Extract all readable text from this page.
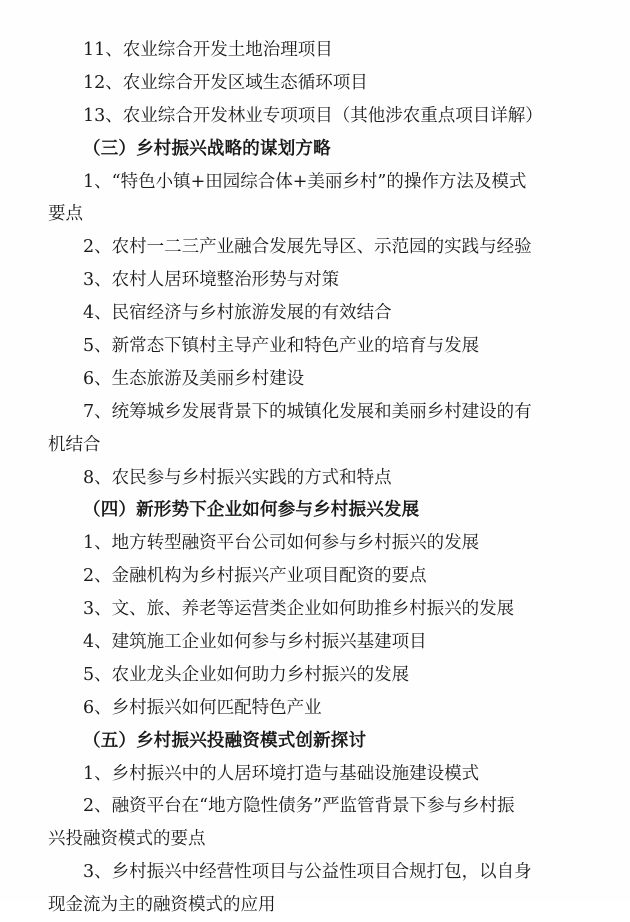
11、农业综合开发土地治理项目

12、农业综合开发区域生态循环项目

13、农业综合开发林业专项项目（其他涉农重点项目详解）

（三）乡村振兴战略的谋划方略

1、“特色小镇+田园综合体+美丽乡村”的操作方法及模式

要点

2、农村一二三产业融合发展先导区、示范园的实践与经验

3、农村人居环境整治形势与对策

4、民宿经济与乡村旅游发展的有效结合

5、新常态下镇村主导产业和特色产业的培育与发展

6、生态旅游及美丽乡村建设

7、统筹城乡发展背景下的城镇化发展和美丽乡村建设的有

机结合

8、农民参与乡村振兴实践的方式和特点

（四）新形势下企业如何参与乡村振兴发展

1、地方转型融资平台公司如何参与乡村振兴的发展

2、金融机构为乡村振兴产业项目配资的要点

3、文、旅、养老等运营类企业如何助推乡村振兴的发展

4、建筑施工企业如何参与乡村振兴基建项目

5、农业龙头企业如何助力乡村振兴的发展

6、乡村振兴如何匹配特色产业

（五）乡村振兴投融资模式创新探讨

1、乡村振兴中的人居环境打造与基础设施建设模式

2、融资平台在“地方隐性债务”严监管背景下参与乡村振

兴投融资模式的要点

3、乡村振兴中经营性项目与公益性项目合规打包，以自身

现金流为主的融资模式的应用
